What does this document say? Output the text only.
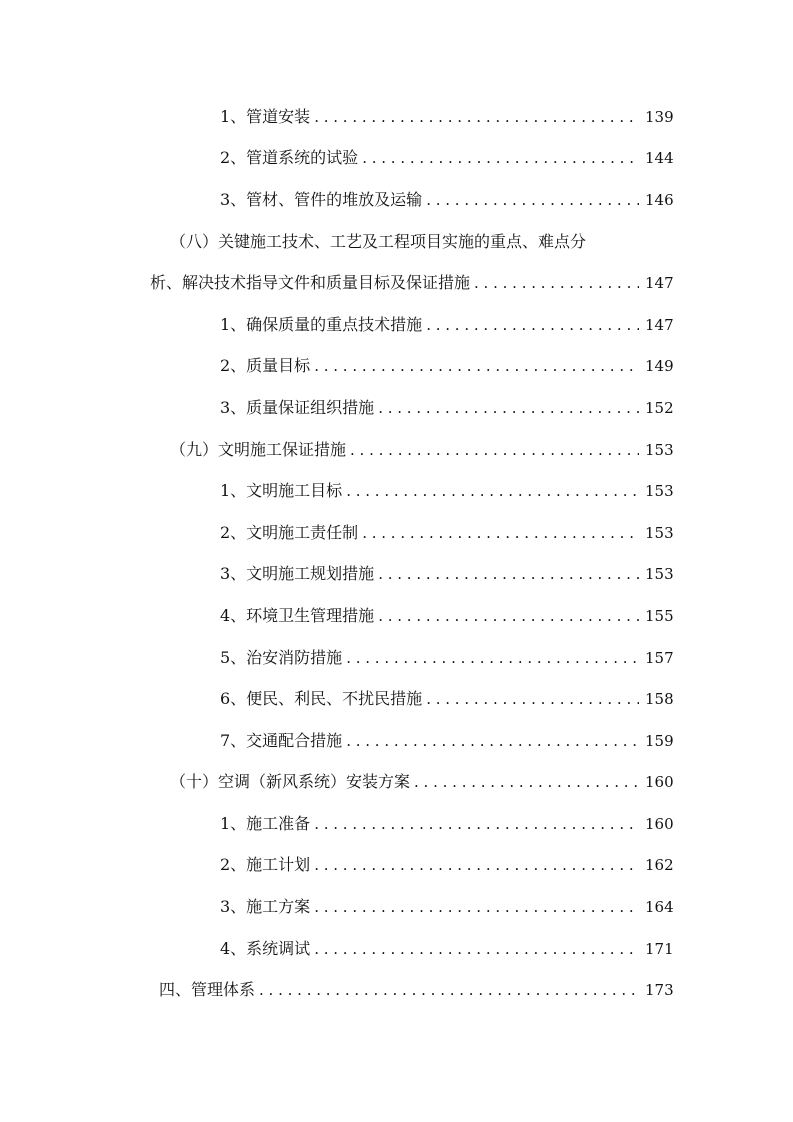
1、管道安装 . . .	139
2、管道系统的试验 . . .	144
3、管材、管件的堆放及运输 . . .	146
（八）关键施工技术、工艺及工程项目实施的重点、难点分
析、解决技术指导文件和质量目标及保证措施 . . .	147
1、确保质量的重点技术措施 . . .	147
2、质量目标 . . .	149
3、质量保证组织措施 . . .	152
（九）文明施工保证措施 . . .	153
1、文明施工目标 . . .	153
2、文明施工责任制 . . .	153
3、文明施工规划措施 . . .	153
4、环境卫生管理措施 . . .	155
5、治安消防措施 . . .	157
6、便民、利民、不扰民措施 . . .	158
7、交通配合措施 . . .	159
（十）空调（新风系统）安装方案 . . .	160
1、施工准备 . . .	160
2、施工计划 . . .	162
3、施工方案 . . .	164
4、系统调试 . . .	171
四、管理体系 . . .	173
